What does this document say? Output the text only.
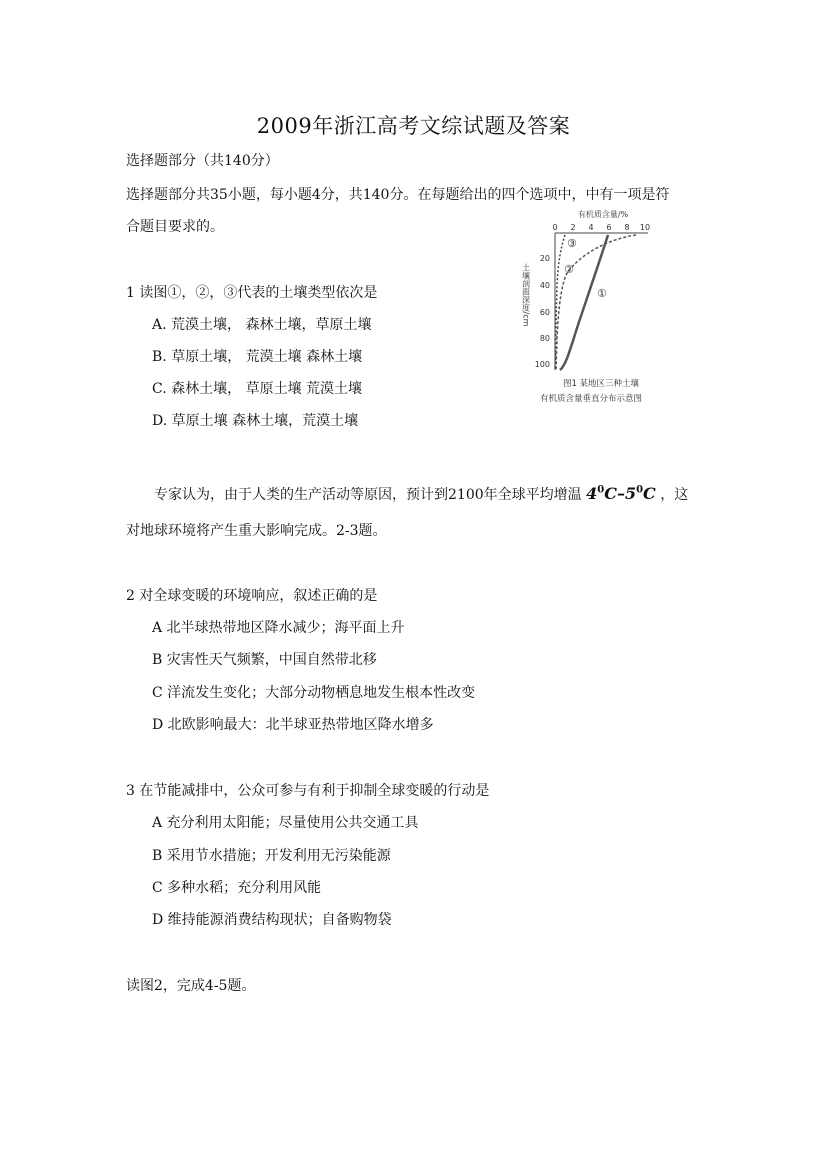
2009年浙江高考文综试题及答案
选择题部分（共140分）
选择题部分共35小题，每小题4分，共140分。在每题给出的四个选项中，中有一项是符
合题目要求的。
1 读图①，②，③代表的土壤类型依次是
A. 荒漠土壤， 森林土壤，草原土壤
B. 草原土壤， 荒漠土壤 森林土壤
C. 森林土壤， 草原土壤 荒漠土壤
D. 草原土壤 森林土壤，荒漠土壤
有机质含量/%
0 2 4 6 8 10
土壤剖面深度/cm
20
40
60
80
100
①
②
③
图1 某地区三种土壤
有机质含量垂直分布示意图
专家认为，由于人类的生产活动等原因，预计到2100年全球平均增温 $4^0C-5^0C$ ，这
对地球环境将产生重大影响完成。2-3题。
2 对全球变暖的环境响应，叙述正确的是
A 北半球热带地区降水减少；海平面上升
B 灾害性天气频繁，中国自然带北移
C 洋流发生变化；大部分动物栖息地发生根本性改变
D 北欧影响最大：北半球亚热带地区降水增多
3 在节能减排中，公众可参与有利于抑制全球变暖的行动是
A 充分利用太阳能；尽量使用公共交通工具
B 采用节水措施；开发利用无污染能源
C 多种水稻；充分利用风能
D 维持能源消费结构现状；自备购物袋
读图2，完成4-5题。
